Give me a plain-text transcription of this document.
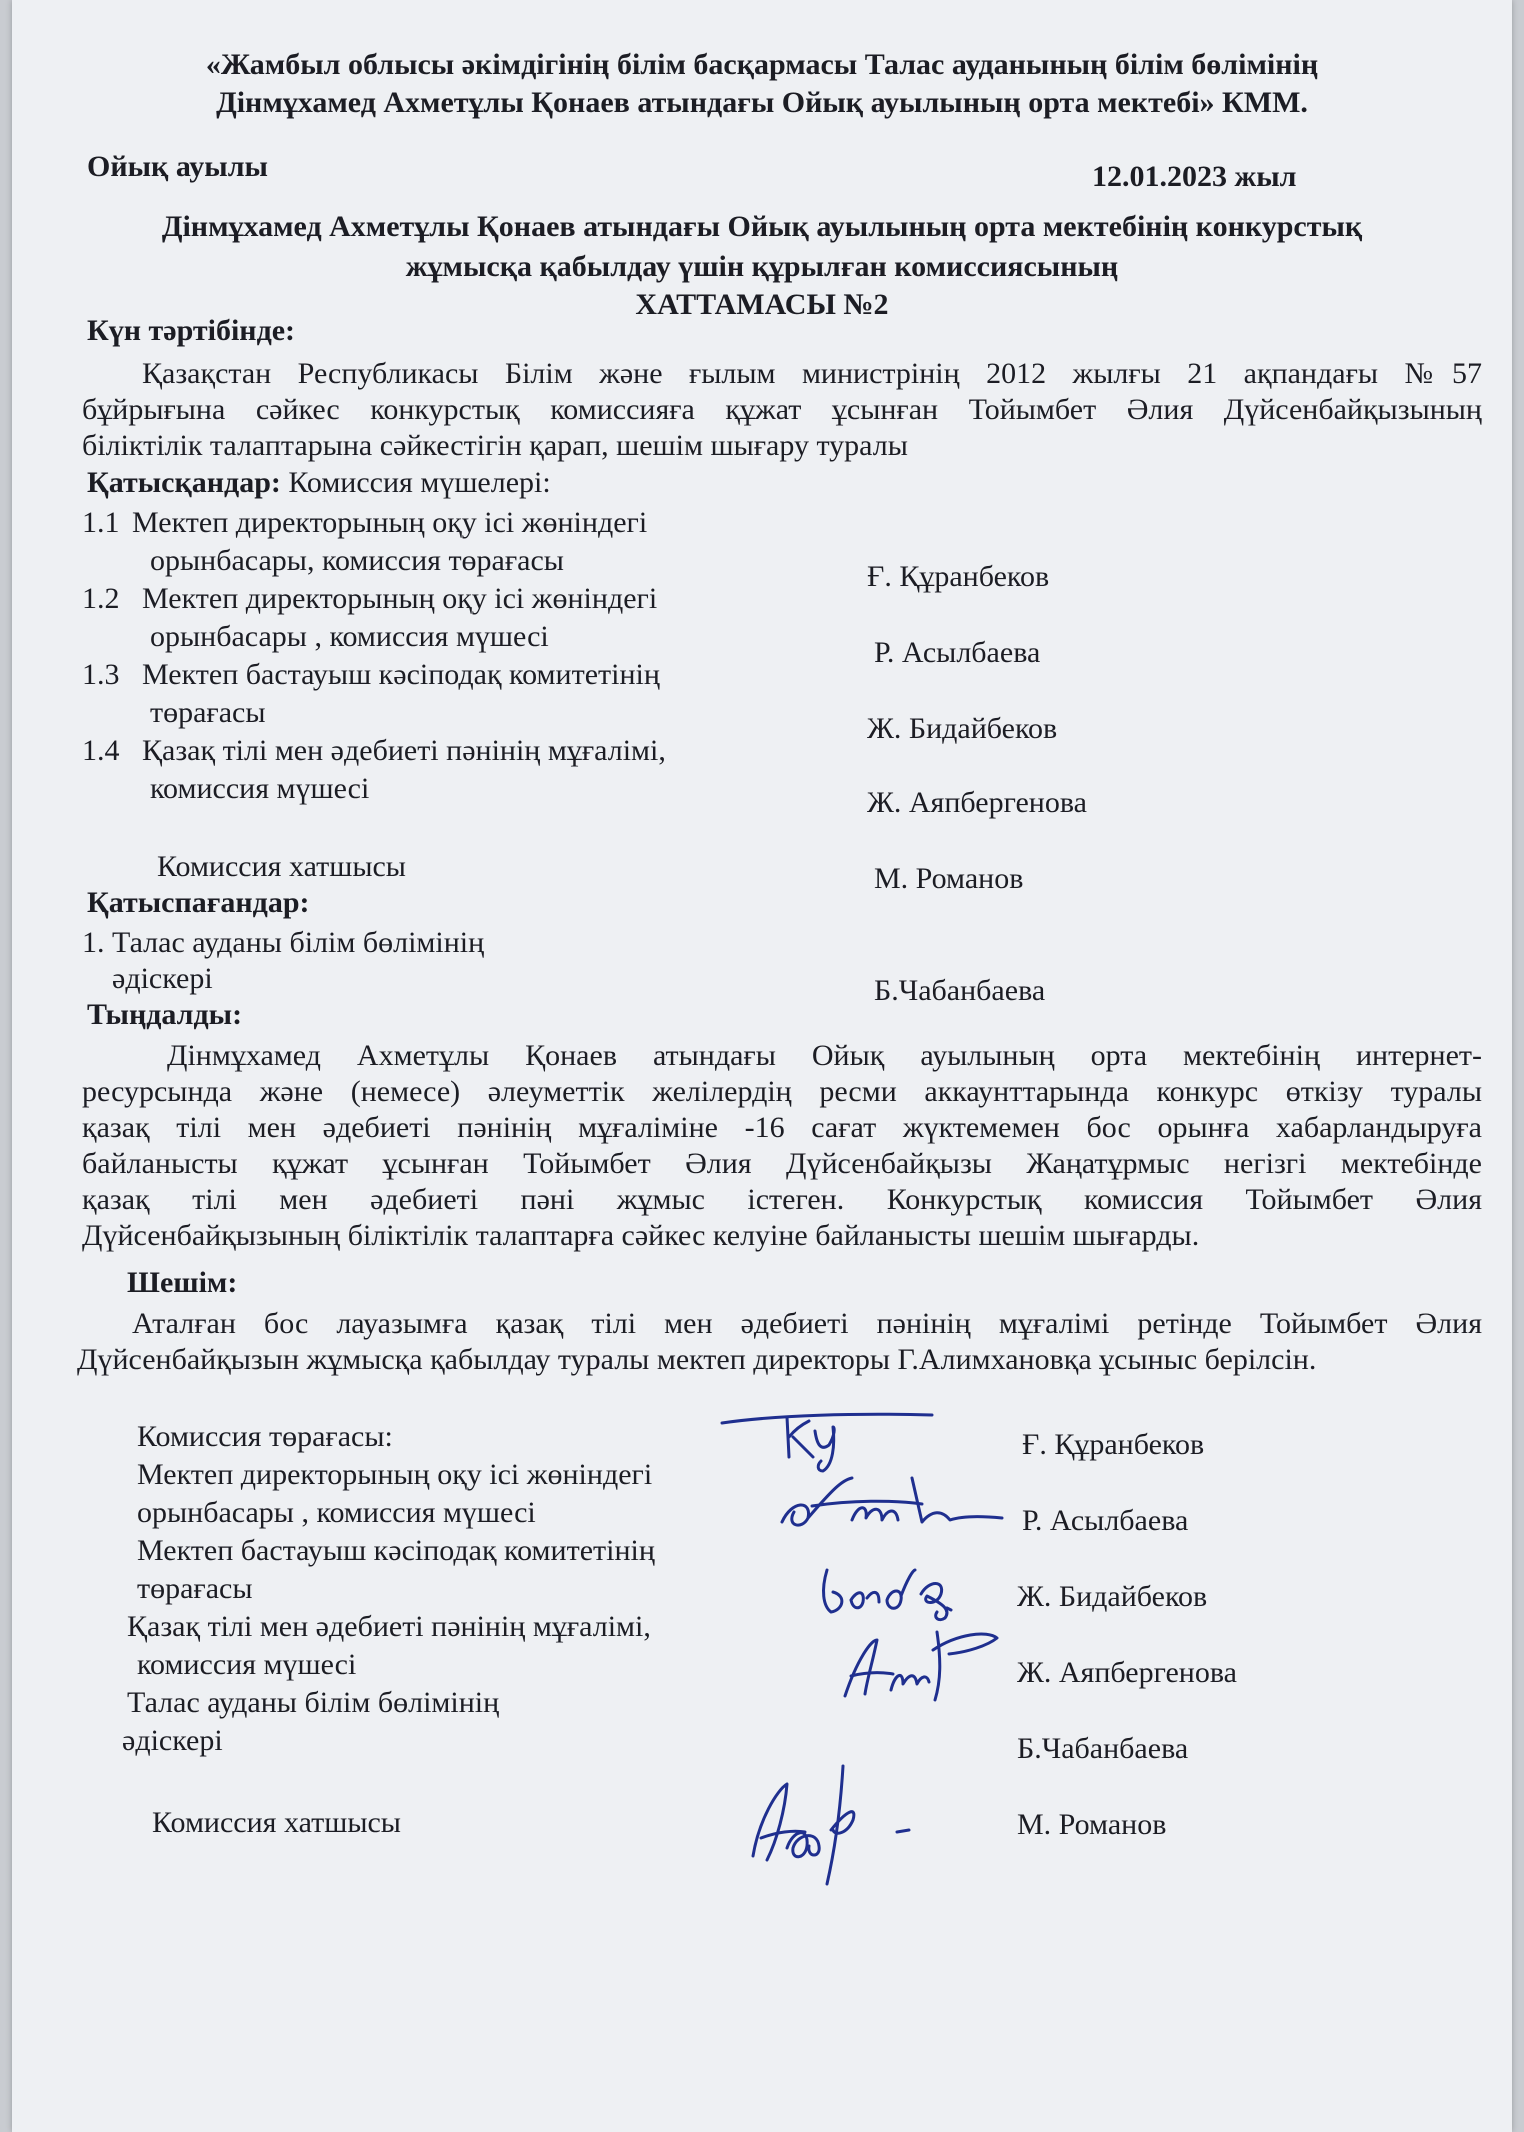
«Жамбыл облысы әкімдігінің білім басқармасы Талас ауданының білім бөлімінің
Дінмұхамед Ахметұлы Қонаев атындағы Ойық ауылының орта мектебі» КММ.
Ойық ауылы	12.01.2023 жыл
Дінмұхамед Ахметұлы Қонаев атындағы Ойық ауылының орта мектебінің конкурстық
жұмысқа қабылдау үшін құрылған комиссиясының
ХАТТАМАСЫ №2
Күн тәртібінде:
Қазақстан Республикасы Білім және ғылым министрінің 2012 жылғы 21 ақпандағы №57
бұйрығына сәйкес конкурстық комиссияға құжат ұсынған Тойымбет Әлия Дүйсенбайқызының
біліктілік талаптарына сәйкестігін қарап, шешім шығару туралы
Қатысқандар: Комиссия мүшелері:
1.1 Мектеп директорының оқу ісі жөніндегі
орынбасары, комиссия төрағасы	Ғ. Құранбеков
1.2 Мектеп директорының оқу ісі жөніндегі
орынбасары , комиссия мүшесі	Р. Асылбаева
1.3 Мектеп бастауыш кәсіподақ комитетінің
төрағасы	Ж. Бидайбеков
1.4 Қазақ тілі мен әдебиеті пәнінің мұғалімі,
комиссия мүшесі	Ж. Аяпбергенова
Комиссия хатшысы	М. Романов
Қатыспағандар:
1. Талас ауданы білім бөлімінің
әдіскері	Б.Чабанбаева
Тыңдалды:
Дінмұхамед Ахметұлы Қонаев атындағы Ойық ауылының орта мектебінің интернет-
ресурсында және (немесе) әлеуметтік желілердің ресми аккаунттарында конкурс өткізу туралы
қазақ тілі мен әдебиеті пәнінің мұғаліміне -16 сағат жүктемемен бос орынға хабарландыруға
байланысты құжат ұсынған Тойымбет Әлия Дүйсенбайқызы Жаңатұрмыс негізгі мектебінде
қазақ тілі мен әдебиеті пәні жұмыс істеген. Конкурстық комиссия Тойымбет Әлия
Дүйсенбайқызының біліктілік талаптарға сәйкес келуіне байланысты шешім шығарды.
Шешім:
Аталған бос лауазымға қазақ тілі мен әдебиеті пәнінің мұғалімі ретінде Тойымбет Әлия
Дүйсенбайқызын жұмысқа қабылдау туралы мектеп директоры Г.Алимхановқа ұсыныс берілсін.
Комиссия төрағасы:	Ғ. Құранбеков
Мектеп директорының оқу ісі жөніндегі
орынбасары , комиссия мүшесі	Р. Асылбаева
Мектеп бастауыш кәсіподақ комитетінің
төрағасы	Ж. Бидайбеков
Қазақ тілі мен әдебиеті пәнінің мұғалімі,
комиссия мүшесі	Ж. Аяпбергенова
Талас ауданы білім бөлімінің
әдіскері	Б.Чабанбаева
Комиссия хатшысы	М. Романов
